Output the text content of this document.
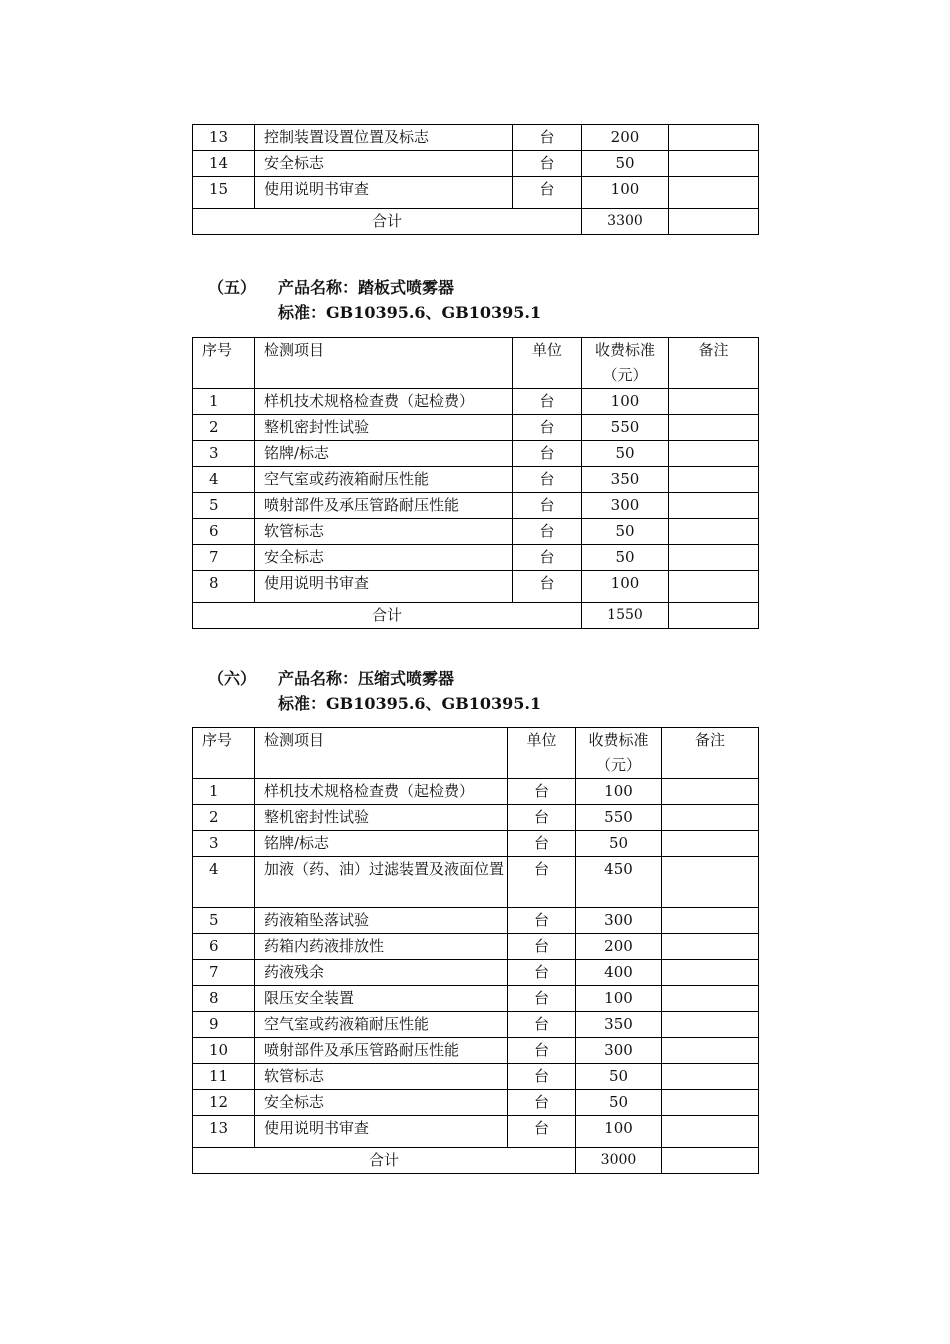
13	控制装置设置位置及标志	台	200	
14	安全标志	台	50	
15	使用说明书审查	台	100	
合计			3300	
（五） 产品名称：踏板式喷雾器
标准：GB10395.6、GB10395.1
序号	检测项目	单位	收费标准（元）	备注
1	样机技术规格检查费（起检费）	台	100	
2	整机密封性试验	台	550	
3	铭牌/标志	台	50	
4	空气室或药液箱耐压性能	台	350	
5	喷射部件及承压管路耐压性能	台	300	
6	软管标志	台	50	
7	安全标志	台	50	
8	使用说明书审查	台	100	
合计			1550	
（六） 产品名称：压缩式喷雾器
标准：GB10395.6、GB10395.1
序号	检测项目	单位	收费标准（元）	备注
1	样机技术规格检查费（起检费）	台	100	
2	整机密封性试验	台	550	
3	铭牌/标志	台	50	
4	加液（药、油）过滤装置及液面位置	台	450	
5	药液箱坠落试验	台	300	
6	药箱内药液排放性	台	200	
7	药液残余	台	400	
8	限压安全装置	台	100	
9	空气室或药液箱耐压性能	台	350	
10	喷射部件及承压管路耐压性能	台	300	
11	软管标志	台	50	
12	安全标志	台	50	
13	使用说明书审查	台	100	
合计			3000	
